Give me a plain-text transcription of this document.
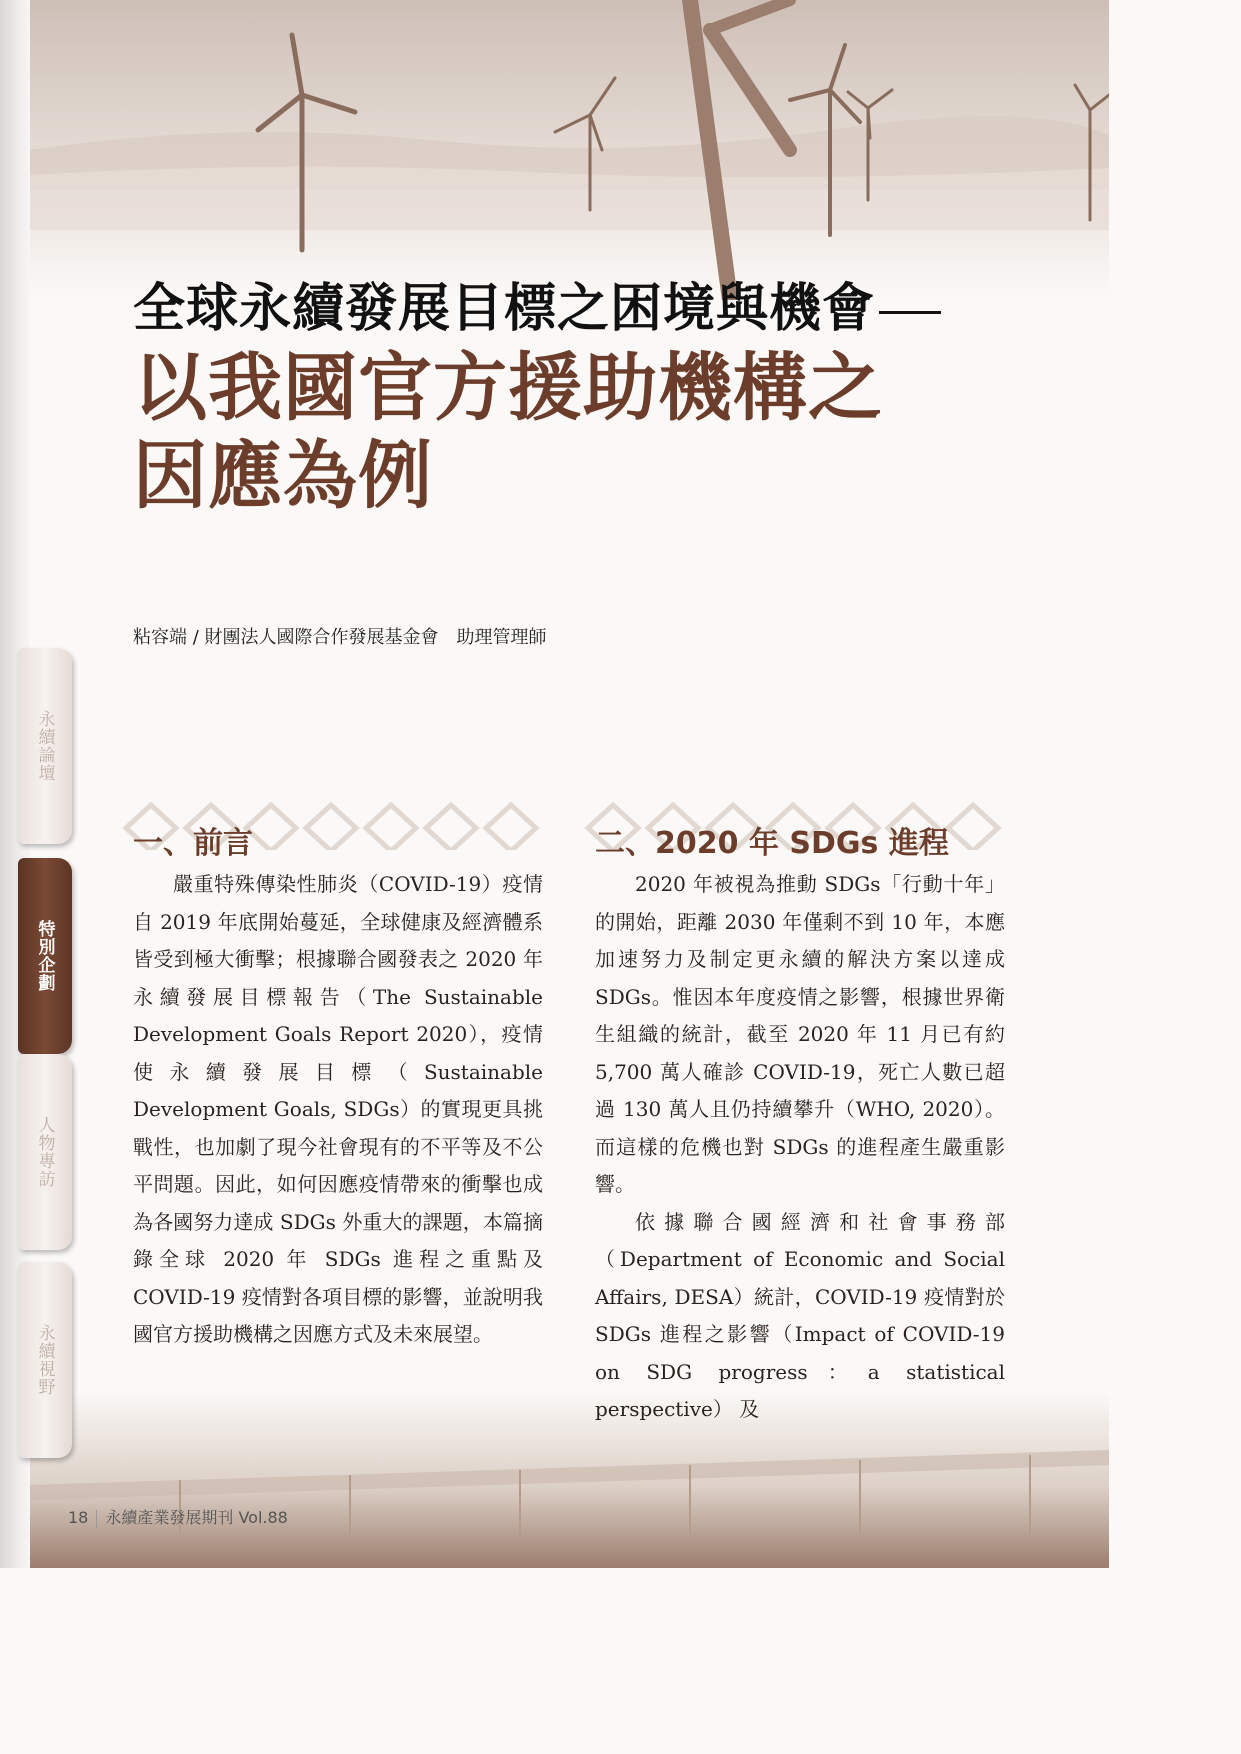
全球永續發展目標之困境與機會
以我國官方援助機構之
因應為例
粘容端 / 財團法人國際合作發展基金會　助理管理師
永續論壇
特別企劃
人物專訪
永續視野
一、前言

嚴重特殊傳染性肺炎（COVID-19）疫情自 2019 年底開始蔓延，全球健康及經濟體系皆受到極大衝擊；根據聯合國發表之 2020 年永續發展目標報告（The Sustainable Development Goals Report 2020），疫情使永續發展目標（Sustainable Development Goals, SDGs）的實現更具挑戰性，也加劇了現今社會現有的不平等及不公平問題。因此，如何因應疫情帶來的衝擊也成為各國努力達成 SDGs 外重大的課題，本篇摘錄全球 2020 年 SDGs 進程之重點及 COVID-19 疫情對各項目標的影響，並說明我國官方援助機構之因應方式及未來展望。

二、2020 年 SDGs 進程

2020 年被視為推動 SDGs「行動十年」的開始，距離 2030 年僅剩不到 10 年，本應加速努力及制定更永續的解決方案以達成 SDGs。惟因本年度疫情之影響，根據世界衛生組織的統計，截至 2020 年 11 月已有約 5,700 萬人確診 COVID-19，死亡人數已超過 130 萬人且仍持續攀升（WHO, 2020）。而這樣的危機也對 SDGs 的進程產生嚴重影響。

依據聯合國經濟和社會事務部（Department of Economic and Social Affairs, DESA）統計，COVID-19 疫情對於 SDGs 進程之影響（Impact of COVID-19 on SDG progress：a statistical perspective） 及

18 永續產業發展期刊 Vol.88
